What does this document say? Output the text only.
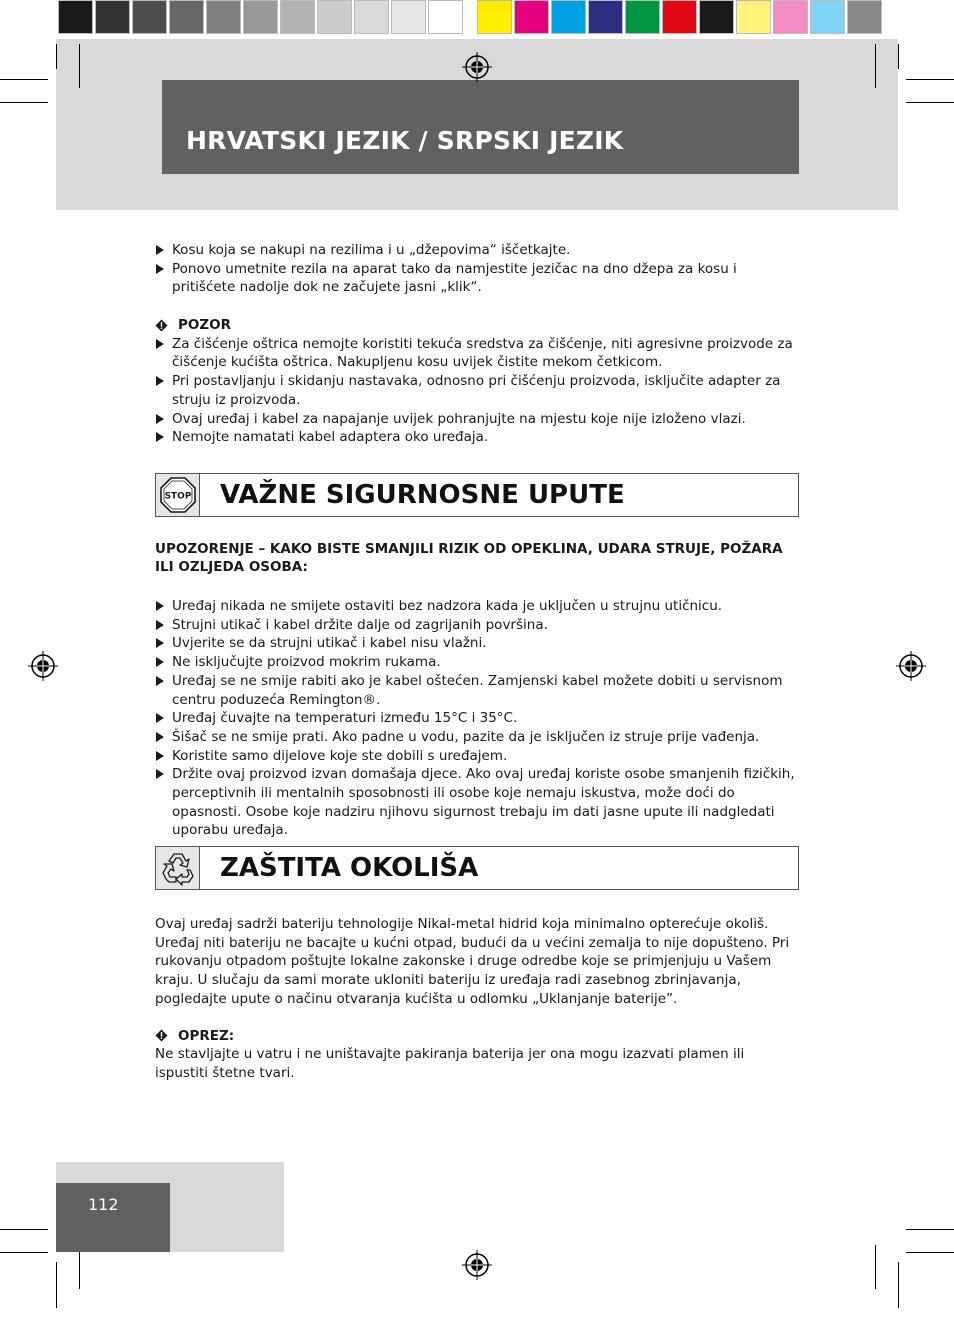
HRVATSKI JEZIK / SRPSKI JEZIK

Kosu koja se nakupi na rezilima i u „džepovima“ iščetkajte.

Ponovo umetnite rezila na aparat tako da namjestite jezičac na dno džepa za kosu i pritišćete nadolje dok ne začujete jasni „klik“.

POZOR

Za čišćenje oštrica nemojte koristiti tekuća sredstva za čišćenje, niti agresivne proizvode za čišćenje kućišta oštrica. Nakupljenu kosu uvijek čistite mekom četkicom.

Pri postavljanju i skidanju nastavaka, odnosno pri čišćenju proizvoda, isključite adapter za struju iz proizvoda.

Ovaj uređaj i kabel za napajanje uvijek pohranjujte na mjestu koje nije izloženo vlazi.

Nemojte namatati kabel adaptera oko uređaja.

STOP VAŽNE SIGURNOSNE UPUTE

UPOZORENJE – KAKO BISTE SMANJILI RIZIK OD OPEKLINA, UDARA STRUJE, POŽARA ILI OZLJEDA OSOBA:

Uređaj nikada ne smijete ostaviti bez nadzora kada je uključen u strujnu utičnicu.

Strujni utikač i kabel držite dalje od zagrijanih površina.

Uvjerite se da strujni utikač i kabel nisu vlažni.

Ne isključujte proizvod mokrim rukama.

Uređaj se ne smije rabiti ako je kabel oštećen. Zamjenski kabel možete dobiti u servisnom centru poduzeća Remington®.

Uređaj čuvajte na temperaturi između 15°C i 35°C.

Šišač se ne smije prati. Ako padne u vodu, pazite da je isključen iz struje prije vađenja.

Koristite samo dijelove koje ste dobili s uređajem.

Držite ovaj proizvod izvan domašaja djece. Ako ovaj uređaj koriste osobe smanjenih fizičkih, perceptivnih ili mentalnih sposobnosti ili osobe koje nemaju iskustva, može doći do opasnosti. Osobe koje nadziru njihovu sigurnost trebaju im dati jasne upute ili nadgledati uporabu uređaja.

ZAŠTITA OKOLIŠA

Ovaj uređaj sadrži bateriju tehnologije Nikal-metal hidrid koja minimalno opterećuje okoliš. Uređaj niti bateriju ne bacajte u kućni otpad, budući da u većini zemalja to nije dopušteno. Pri rukovanju otpadom poštujte lokalne zakonske i druge odredbe koje se primjenjuju u Vašem kraju. U slučaju da sami morate ukloniti bateriju iz uređaja radi zasebnog zbrinjavanja, pogledajte upute o načinu otvaranja kućišta u odlomku „Uklanjanje baterije”.

OPREZ:

Ne stavljajte u vatru i ne uništavajte pakiranja baterija jer ona mogu izazvati plamen ili ispustiti štetne tvari.

112
